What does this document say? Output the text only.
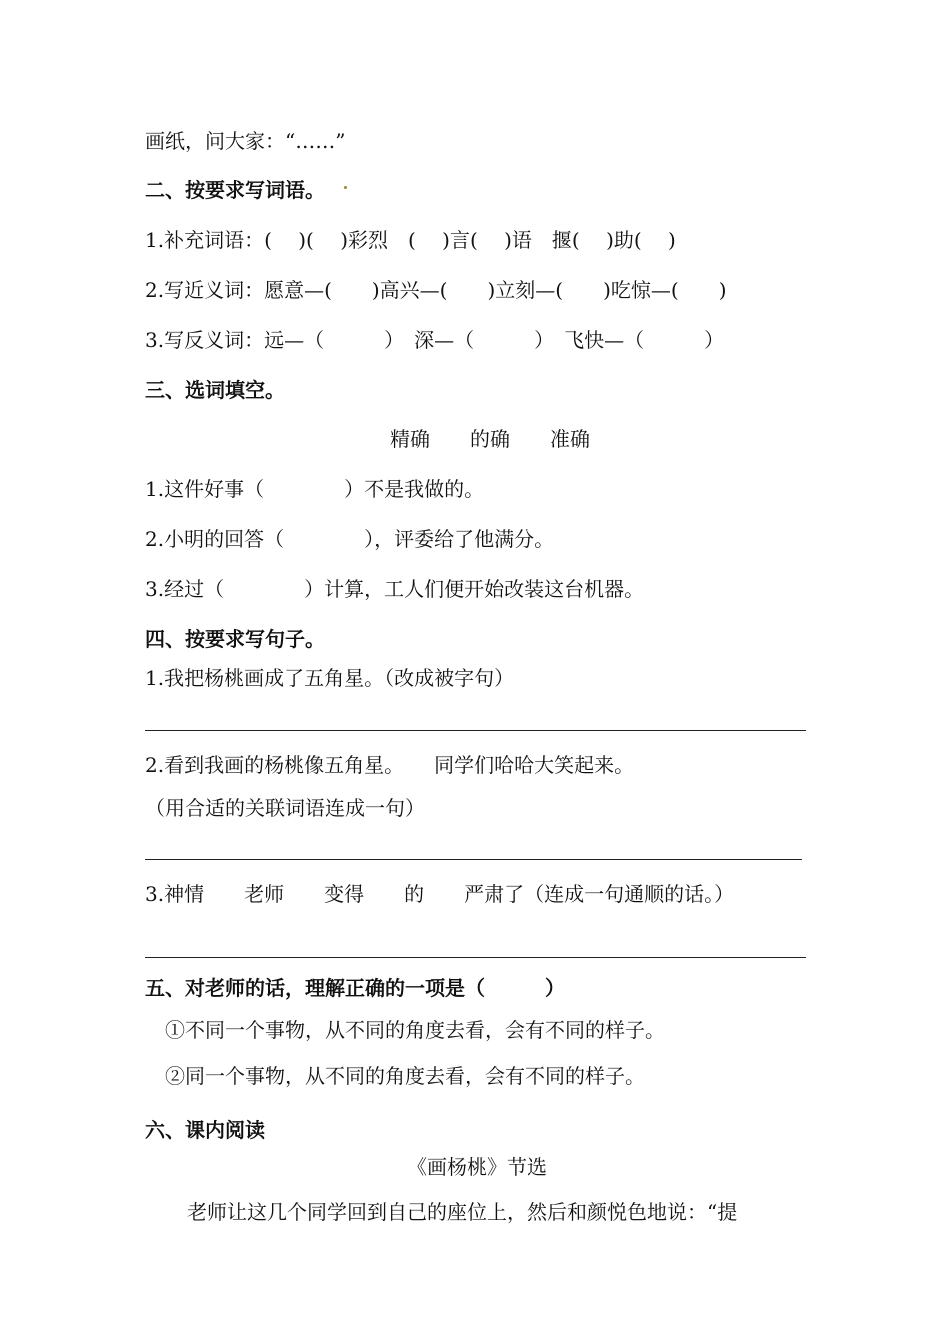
画纸，问大家：“……”
二、按要求写词语。
1.补充词语：(　 )(　 )彩烈　(　 )言(　 )语　揠(　 )助(　 )
2.写近义词：愿意—(　　)高兴—(　　)立刻—(　　)吃惊—(　　)
3.写反义词：远—（　　　）　深—（　　　）　飞快—（　　　）
三、选词填空。
精确　　的确　　准确
1.这件好事（　　　　）不是我做的。
2.小明的回答（　　　　），评委给了他满分。
3.经过（　　　　）计算，工人们便开始改装这台机器。
四、按要求写句子。
1.我把杨桃画成了五角星。（改成被字句）
2.看到我画的杨桃像五角星。　　同学们哈哈大笑起来。
（用合适的关联词语连成一句）
3.神情　　老师　　变得　　的　　严肃了（连成一句通顺的话。）
五、对老师的话，理解正确的一项是（　　　）
①不同一个事物，从不同的角度去看，会有不同的样子。
②同一个事物，从不同的角度去看，会有不同的样子。
六、课内阅读
《画杨桃》节选
老师让这几个同学回到自己的座位上，然后和颜悦色地说：“提
